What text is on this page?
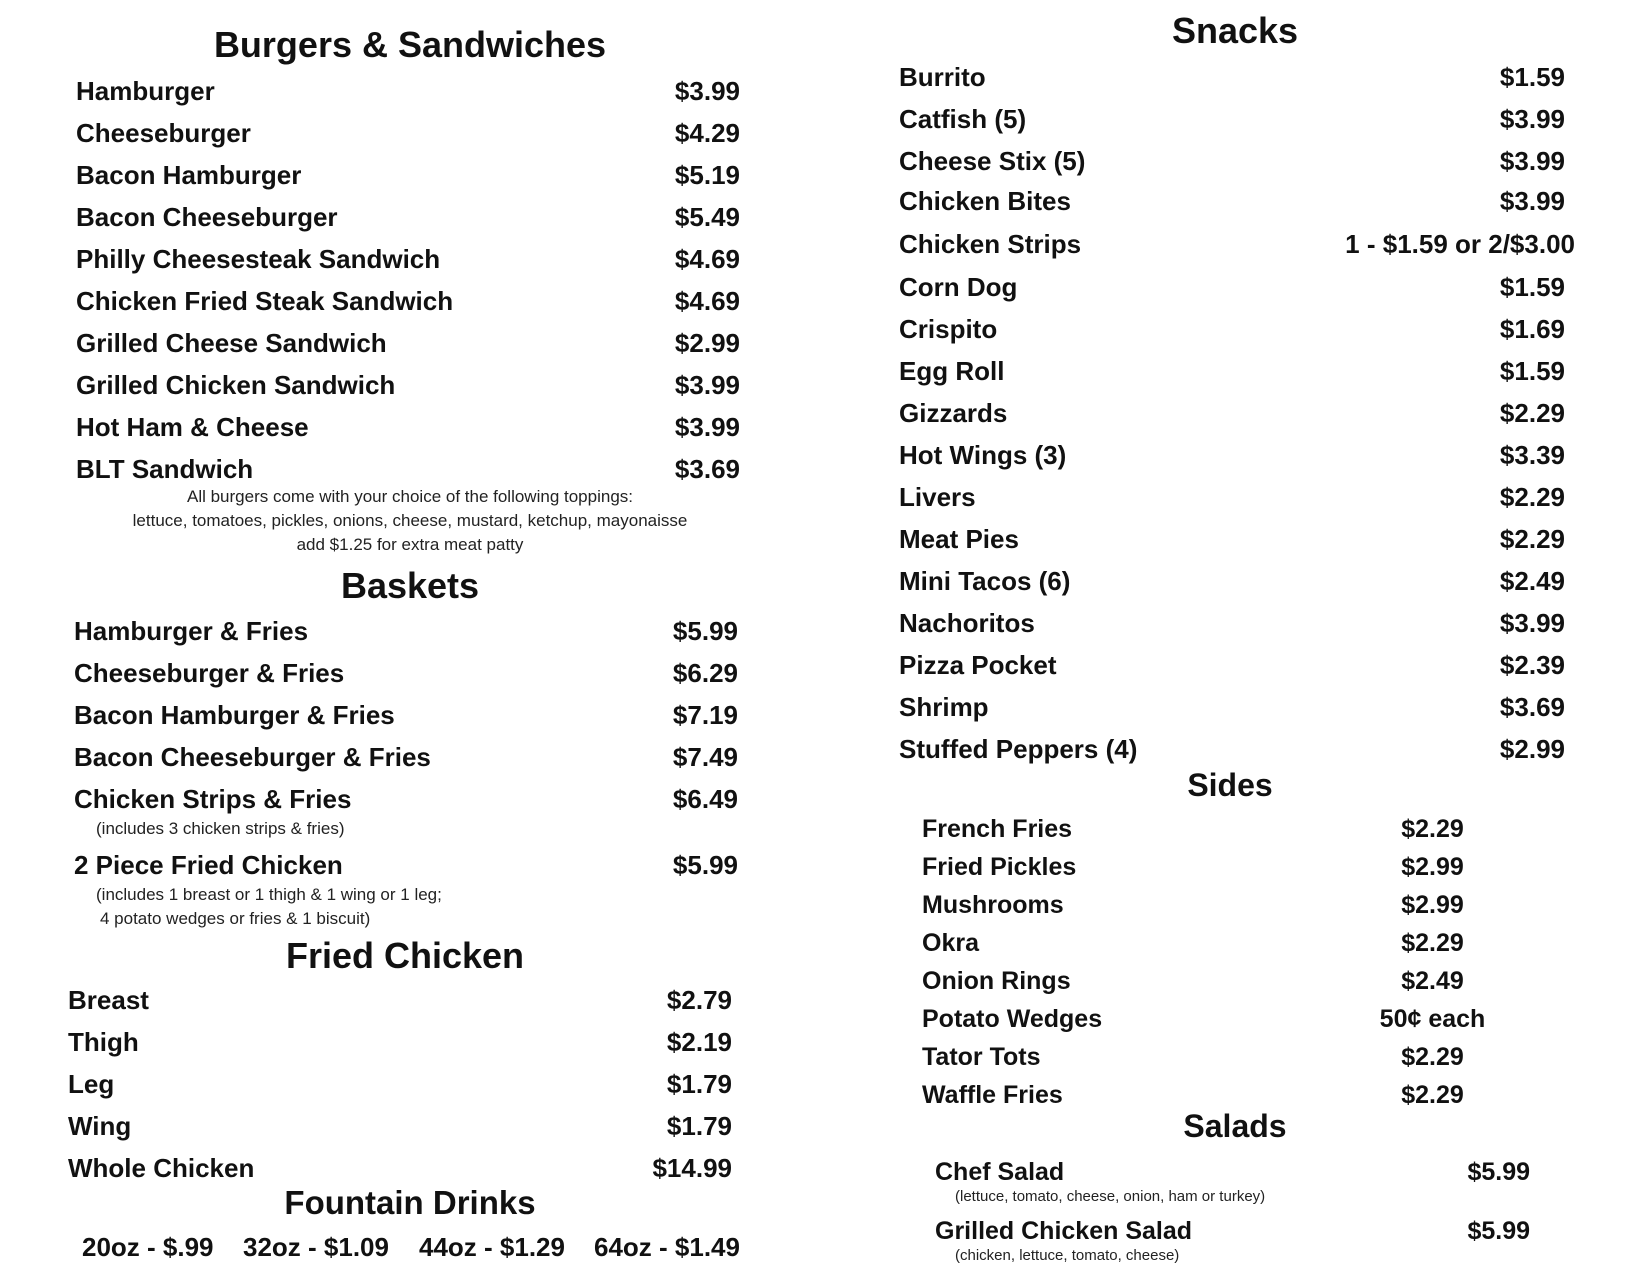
Burgers & Sandwiches
Hamburger	$3.99
Cheeseburger	$4.29
Bacon Hamburger	$5.19
Bacon Cheeseburger	$5.49
Philly Cheesesteak Sandwich	$4.69
Chicken Fried Steak Sandwich	$4.69
Grilled Cheese Sandwich	$2.99
Grilled Chicken Sandwich	$3.99
Hot Ham & Cheese	$3.99
BLT Sandwich	$3.69
All burgers come with your choice of the following toppings:
lettuce, tomatoes, pickles, onions, cheese, mustard, ketchup, mayonaisse
add $1.25 for extra meat patty
Baskets
Hamburger & Fries	$5.99
Cheeseburger & Fries	$6.29
Bacon Hamburger & Fries	$7.19
Bacon Cheeseburger & Fries	$7.49
Chicken Strips & Fries	$6.49
(includes 3 chicken strips & fries)
2 Piece Fried Chicken	$5.99
(includes 1 breast or 1 thigh & 1 wing or 1 leg;
4 potato wedges or fries & 1 biscuit)
Fried Chicken
Breast	$2.79
Thigh	$2.19
Leg	$1.79
Wing	$1.79
Whole Chicken	$14.99
Fountain Drinks
20oz - $.99 32oz - $1.09 44oz - $1.29 64oz - $1.49
Snacks
Burrito	$1.59
Catfish (5)	$3.99
Cheese Stix (5)	$3.99
Chicken Bites	$3.99
Chicken Strips	1 - $1.59 or 2/$3.00
Corn Dog	$1.59
Crispito	$1.69
Egg Roll	$1.59
Gizzards	$2.29
Hot Wings (3)	$3.39
Livers	$2.29
Meat Pies	$2.29
Mini Tacos (6)	$2.49
Nachoritos	$3.99
Pizza Pocket	$2.39
Shrimp	$3.69
Stuffed Peppers (4)	$2.99
Sides
French Fries	$2.29
Fried Pickles	$2.99
Mushrooms	$2.99
Okra	$2.29
Onion Rings	$2.49
Potato Wedges	50¢ each
Tator Tots	$2.29
Waffle Fries	$2.29
Salads
Chef Salad	$5.99
(lettuce, tomato, cheese, onion, ham or turkey)
Grilled Chicken Salad	$5.99
(chicken, lettuce, tomato, cheese)
